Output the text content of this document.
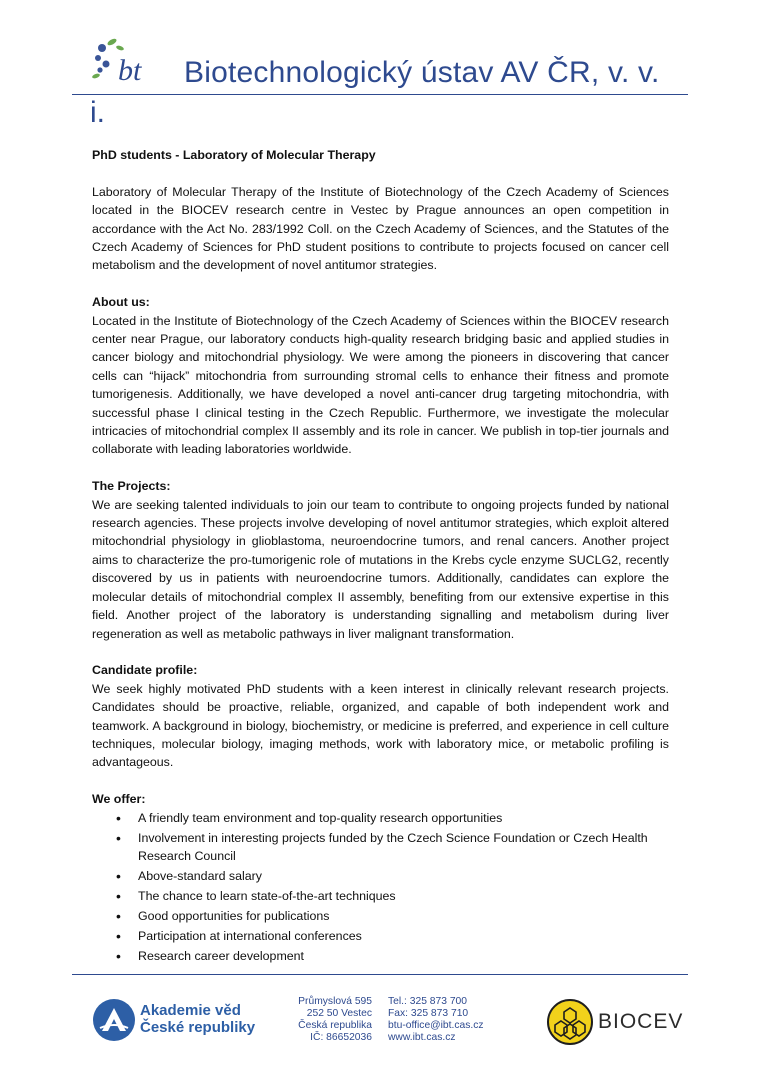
bt Biotechnologický ústav AV ČR, v. v.
i.

PhD students - Laboratory of Molecular Therapy

Laboratory of Molecular Therapy of the Institute of Biotechnology of the Czech Academy of Sciences located in the BIOCEV research centre in Vestec by Prague announces an open competition in accordance with the Act No. 283/1992 Coll. on the Czech Academy of Sciences, and the Statutes of the Czech Academy of Sciences for PhD student positions to contribute to projects focused on cancer cell metabolism and the development of novel antitumor strategies.

About us:

Located in the Institute of Biotechnology of the Czech Academy of Sciences within the BIOCEV research center near Prague, our laboratory conducts high-quality research bridging basic and applied studies in cancer biology and mitochondrial physiology. We were among the pioneers in discovering that cancer cells can “hijack” mitochondria from surrounding stromal cells to enhance their fitness and promote tumorigenesis. Additionally, we have developed a novel anti-cancer drug targeting mitochondria, with successful phase I clinical testing in the Czech Republic. Furthermore, we investigate the molecular intricacies of mitochondrial complex II assembly and its role in cancer. We publish in top-tier journals and collaborate with leading laboratories worldwide.

The Projects:

We are seeking talented individuals to join our team to contribute to ongoing projects funded by national research agencies. These projects involve developing of novel antitumor strategies, which exploit altered mitochondrial physiology in glioblastoma, neuroendocrine tumors, and renal cancers. Another project aims to characterize the pro-tumorigenic role of mutations in the Krebs cycle enzyme SUCLG2, recently discovered by us in patients with neuroendocrine tumors. Additionally, candidates can explore the molecular details of mitochondrial complex II assembly, benefiting from our extensive expertise in this field. Another project of the laboratory is understanding signalling and metabolism during liver regeneration as well as metabolic pathways in liver malignant transformation.

Candidate profile:

We seek highly motivated PhD students with a keen interest in clinically relevant research projects. Candidates should be proactive, reliable, organized, and capable of both independent work and teamwork. A background in biology, biochemistry, or medicine is preferred, and experience in cell culture techniques, molecular biology, imaging methods, work with laboratory mice, or metabolic profiling is advantageous.

We offer:

• A friendly team environment and top-quality research opportunities
• Involvement in interesting projects funded by the Czech Science Foundation or Czech Health Research Council
• Above-standard salary
• The chance to learn state-of-the-art techniques
• Good opportunities for publications
• Participation at international conferences
• Research career development
Akademie věd
České republiky
Průmyslová 595
252 50 Vestec
Česká republika
IČ: 86652036
Tel.: 325 873 700
Fax: 325 873 710
btu-office@ibt.cas.cz
www.ibt.cas.cz
BIOCEV
